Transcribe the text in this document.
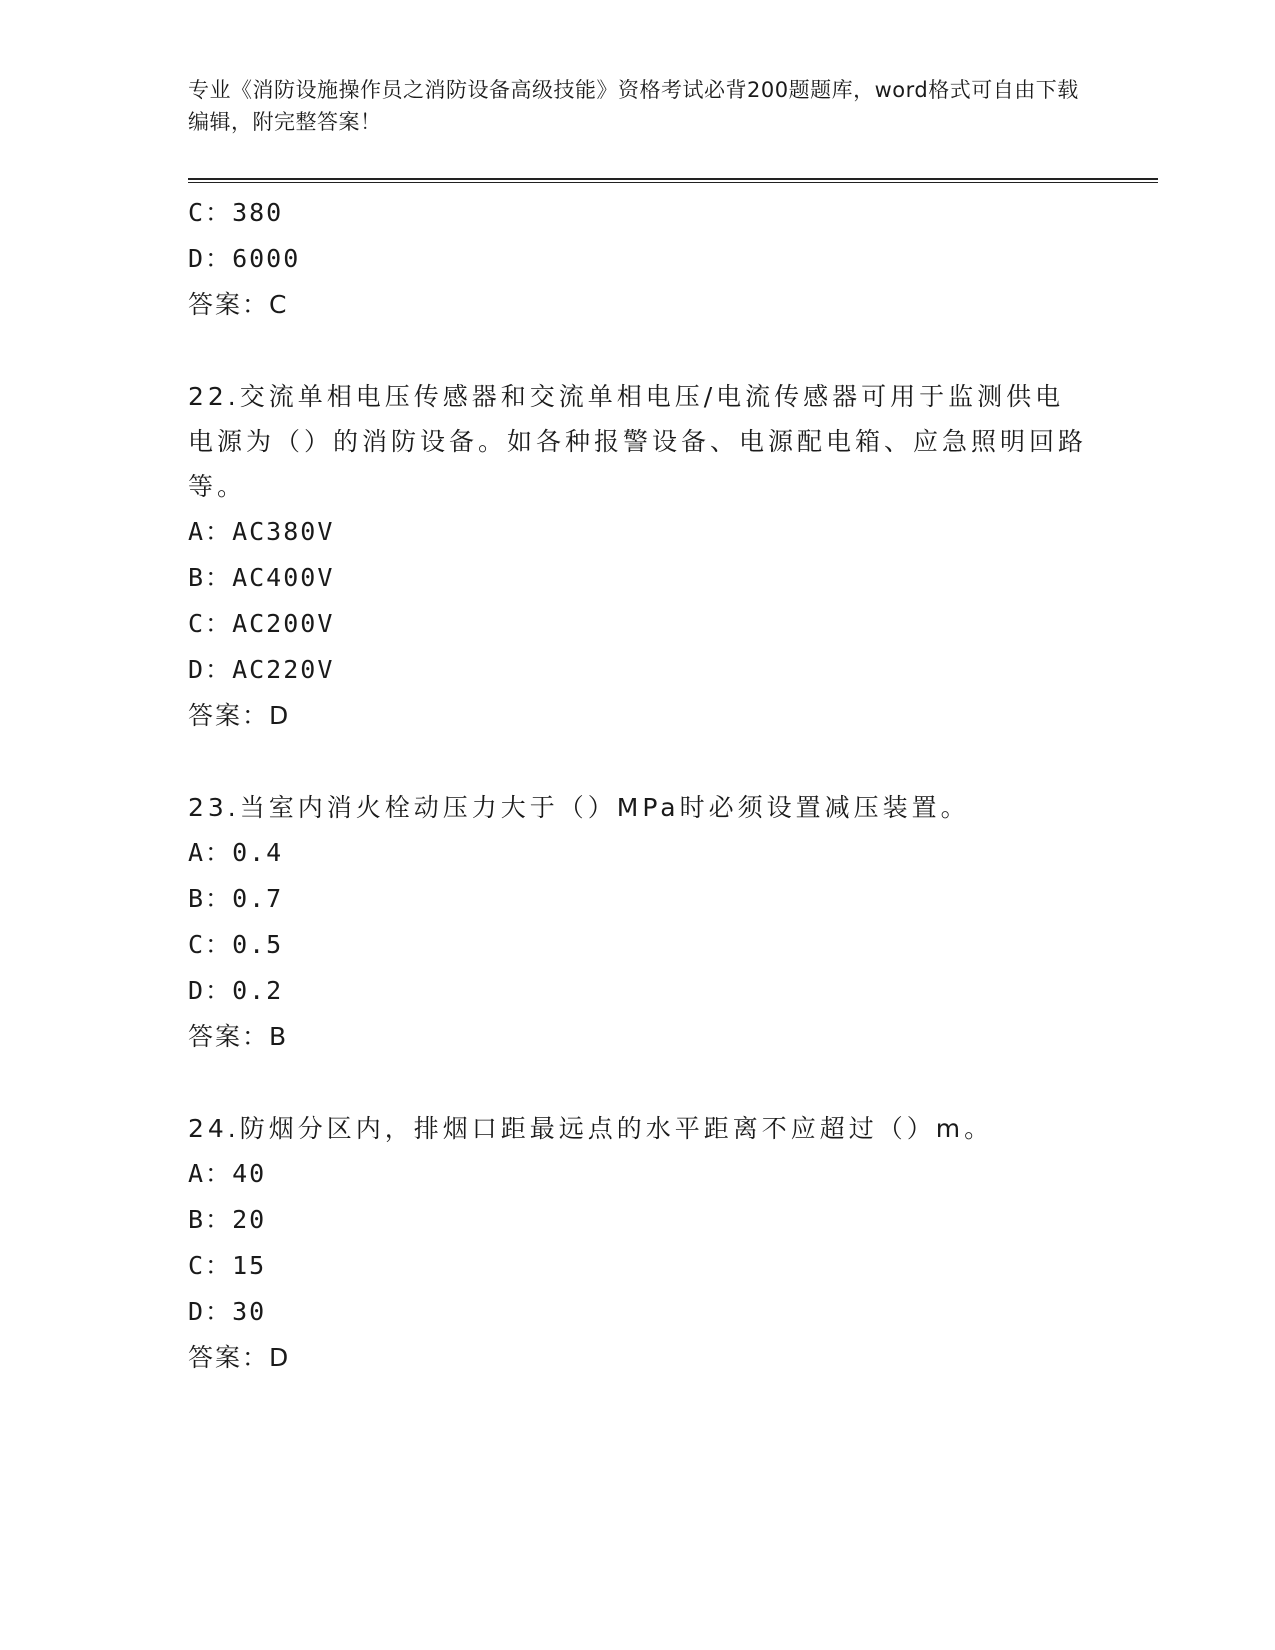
专业《消防设施操作员之消防设备高级技能》资格考试必背200题题库，word格式可自由下载编辑，附完整答案！
C：380
D：6000
答案：C
22.交流单相电压传感器和交流单相电压/电流传感器可用于监测供电电源为（）的消防设备。如各种报警设备、电源配电箱、应急照明回路等。
A：AC380V
B：AC400V
C：AC200V
D：AC220V
答案：D
23.当室内消火栓动压力大于（）MPa时必须设置减压装置。
A：0.4
B：0.7
C：0.5
D：0.2
答案：B
24.防烟分区内，排烟口距最远点的水平距离不应超过（）m。
A：40
B：20
C：15
D：30
答案：D
